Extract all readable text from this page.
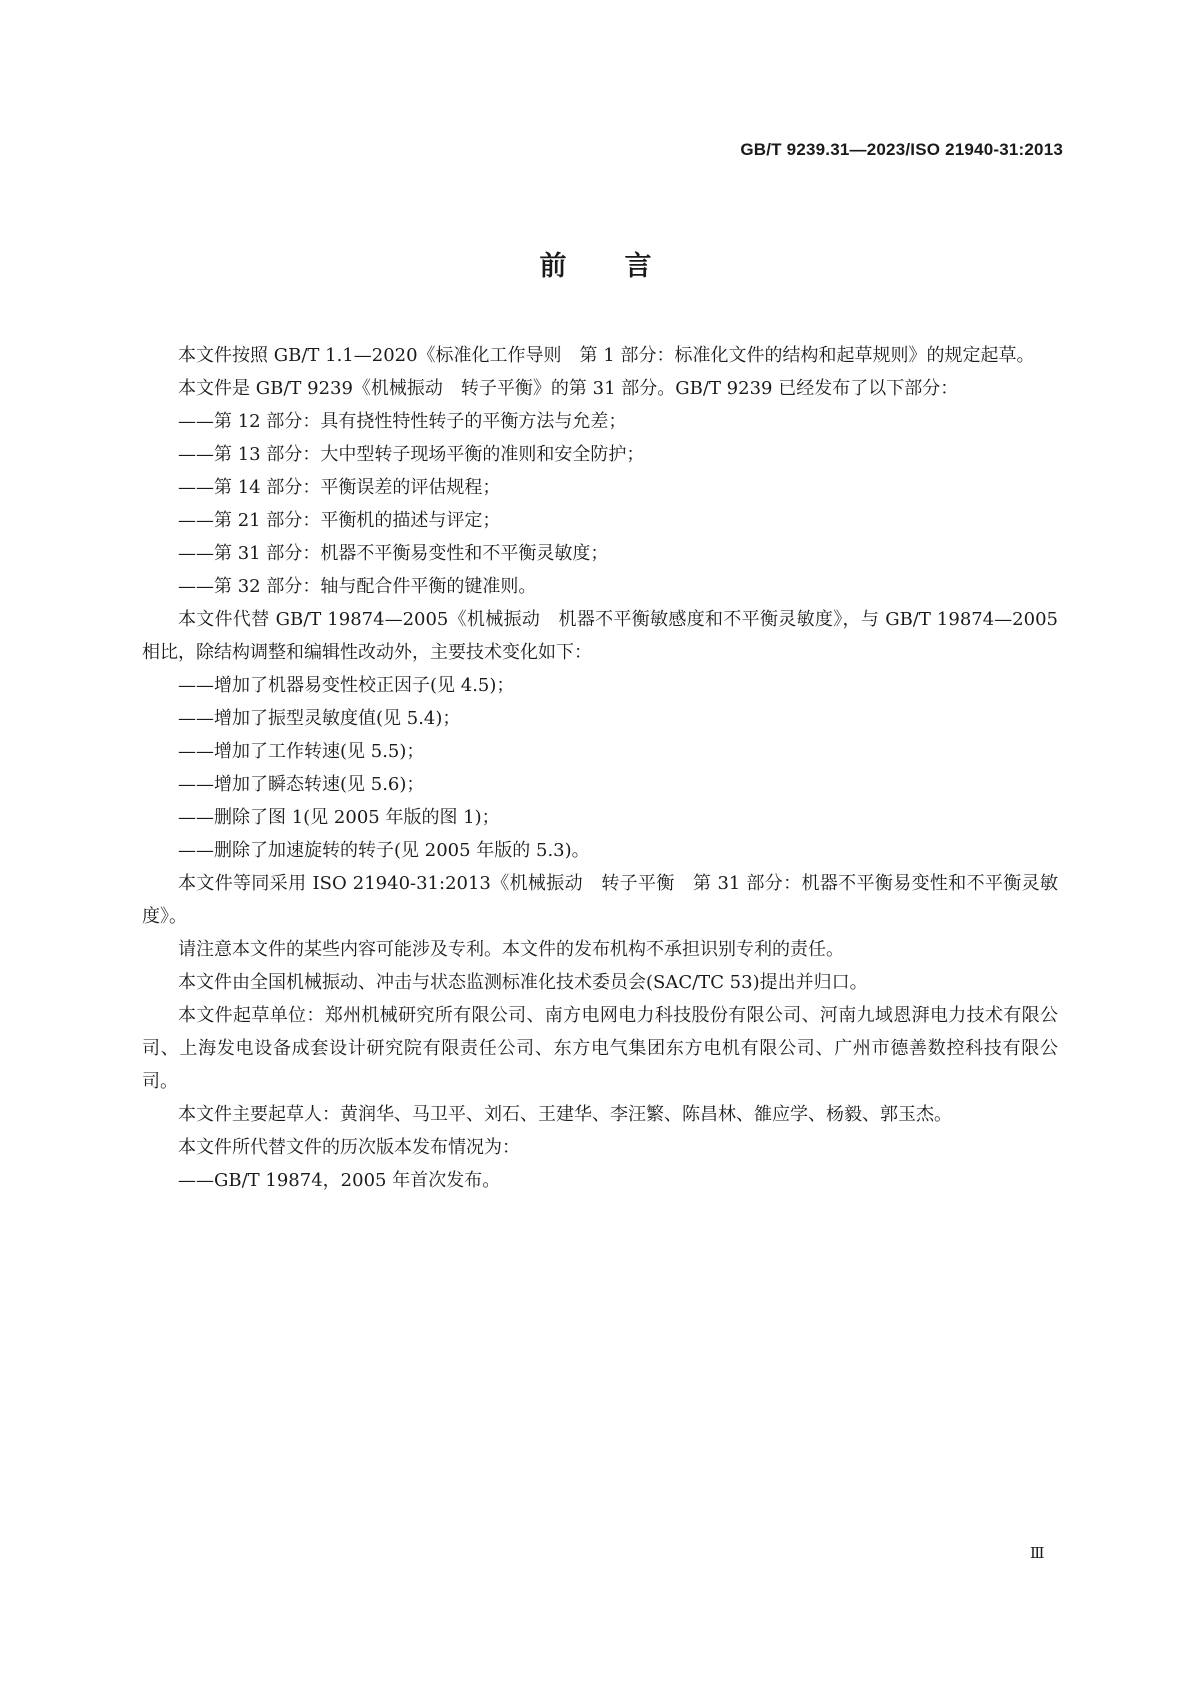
GB/T 9239.31—2023/ISO 21940-31:2013
前言

本文件按照 GB/T 1.1—2020《标准化工作导则　第 1 部分：标准化文件的结构和起草规则》的规定起草。

本文件是 GB/T 9239《机械振动　转子平衡》的第 31 部分。GB/T 9239 已经发布了以下部分：

——第 12 部分：具有挠性特性转子的平衡方法与允差；

——第 13 部分：大中型转子现场平衡的准则和安全防护；

——第 14 部分：平衡误差的评估规程；

——第 21 部分：平衡机的描述与评定；

——第 31 部分：机器不平衡易变性和不平衡灵敏度；

——第 32 部分：轴与配合件平衡的键准则。

本文件代替 GB/T 19874—2005《机械振动　机器不平衡敏感度和不平衡灵敏度》，与 GB/T 19874—2005 相比，除结构调整和编辑性改动外，主要技术变化如下：

——增加了机器易变性校正因子(见 4.5)；

——增加了振型灵敏度值(见 5.4)；

——增加了工作转速(见 5.5)；

——增加了瞬态转速(见 5.6)；

——删除了图 1(见 2005 年版的图 1)；

——删除了加速旋转的转子(见 2005 年版的 5.3)。

本文件等同采用 ISO 21940-31:2013《机械振动　转子平衡　第 31 部分：机器不平衡易变性和不平衡灵敏度》。

请注意本文件的某些内容可能涉及专利。本文件的发布机构不承担识别专利的责任。

本文件由全国机械振动、冲击与状态监测标准化技术委员会(SAC/TC 53)提出并归口。

本文件起草单位：郑州机械研究所有限公司、南方电网电力科技股份有限公司、河南九域恩湃电力技术有限公司、上海发电设备成套设计研究院有限责任公司、东方电气集团东方电机有限公司、广州市德善数控科技有限公司。

本文件主要起草人：黄润华、马卫平、刘石、王建华、李汪繁、陈昌林、雒应学、杨毅、郭玉杰。

本文件所代替文件的历次版本发布情况为：

——GB/T 19874，2005 年首次发布。

Ⅲ
